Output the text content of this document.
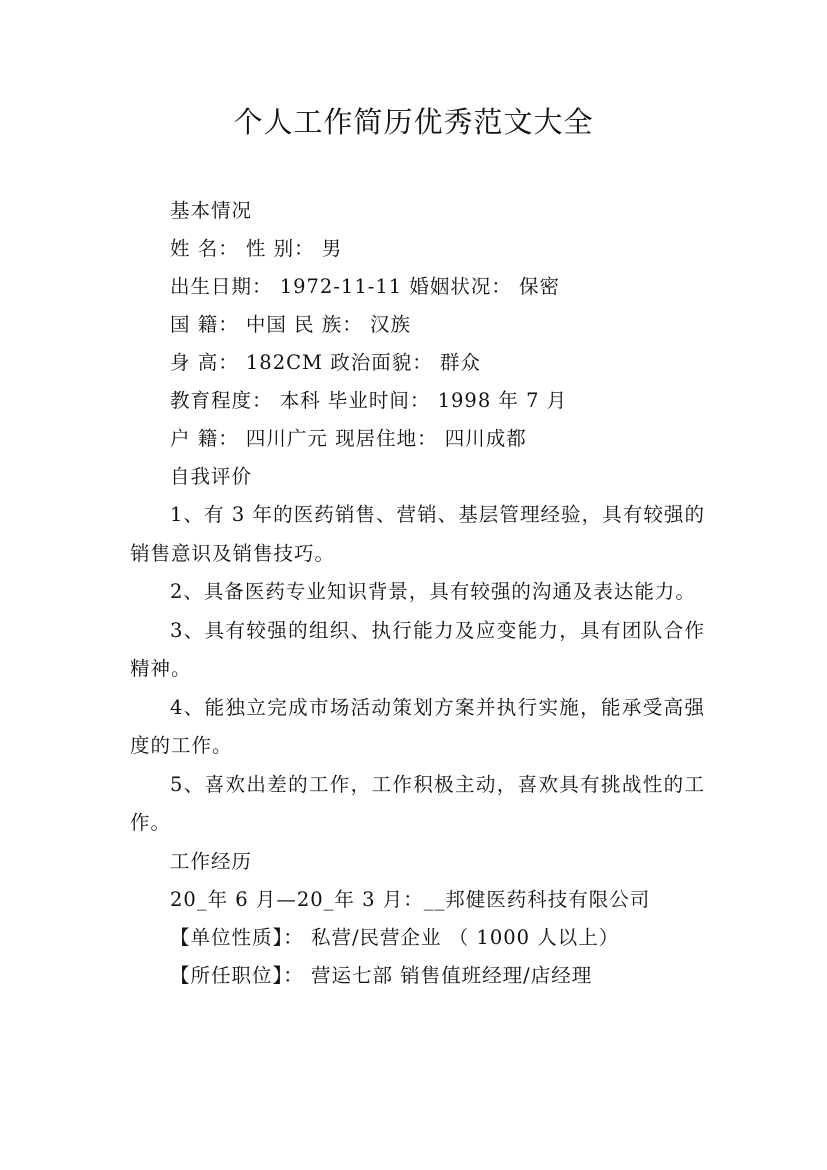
个人工作简历优秀范文大全
基本情况
姓 名： 性 别： 男
出生日期： 1972-11-11 婚姻状况： 保密
国 籍： 中国 民 族： 汉族
身 高： 182CM 政治面貌： 群众
教育程度： 本科 毕业时间： 1998 年 7 月
户 籍： 四川广元 现居住地： 四川成都
自我评价

1、有 3 年的医药销售、营销、基层管理经验，具有较强的销售意识及销售技巧。

2、具备医药专业知识背景，具有较强的沟通及表达能力。

3、具有较强的组织、执行能力及应变能力，具有团队合作精神。

4、能独立完成市场活动策划方案并执行实施，能承受高强度的工作。

5、喜欢出差的工作，工作积极主动，喜欢具有挑战性的工作。

工作经历
20_年 6 月—20_年 3 月：__邦健医药科技有限公司
【单位性质】： 私营/民营企业 （ 1000 人以上）
【所任职位】： 营运七部 销售值班经理/店经理
